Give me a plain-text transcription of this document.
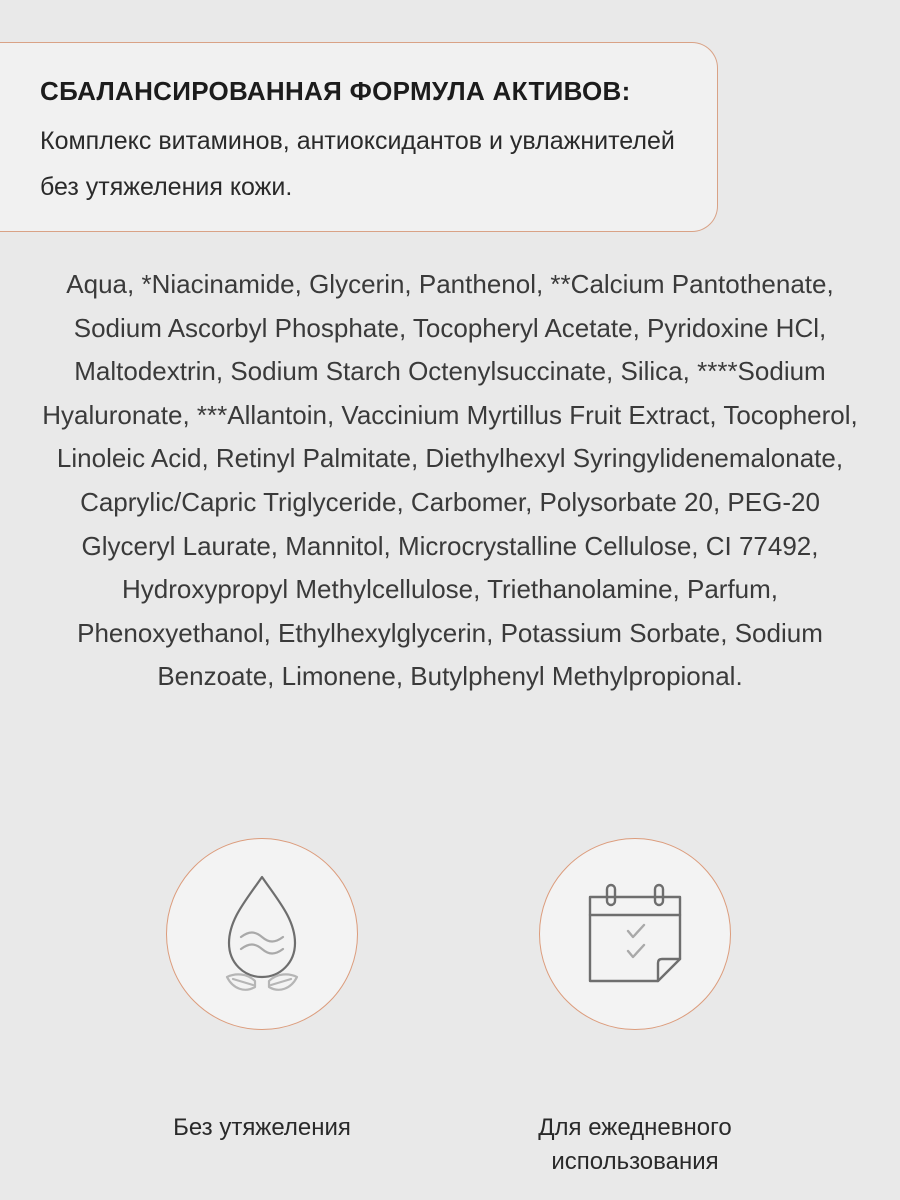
СБАЛАНСИРОВАННАЯ ФОРМУЛА АКТИВОВ:

Комплекс витаминов, антиоксидантов и увлажнителей без утяжеления кожи.

Aqua, *Niacinamide, Glycerin, Panthenol, **Calcium Pantothenate, Sodium Ascorbyl Phosphate, Tocopheryl Acetate, Pyridoxine HCl, Maltodextrin, Sodium Starch Octenylsuccinate, Silica, ****Sodium Hyaluronate, ***Allantoin, Vaccinium Myrtillus Fruit Extract, Tocopherol, Linoleic Acid, Retinyl Palmitate, Diethylhexyl Syringylidenemalonate, Caprylic/Capric Triglyceride, Carbomer, Polysorbate 20, PEG-20 Glyceryl Laurate, Mannitol, Microcrystalline Cellulose, CI 77492, Hydroxypropyl Methylcellulose, Triethanolamine, Parfum, Phenoxyethanol, Ethylhexylglycerin, Potassium Sorbate, Sodium Benzoate, Limonene, Butylphenyl Methylpropional.

Без утяжеления	Для ежедневного использования
